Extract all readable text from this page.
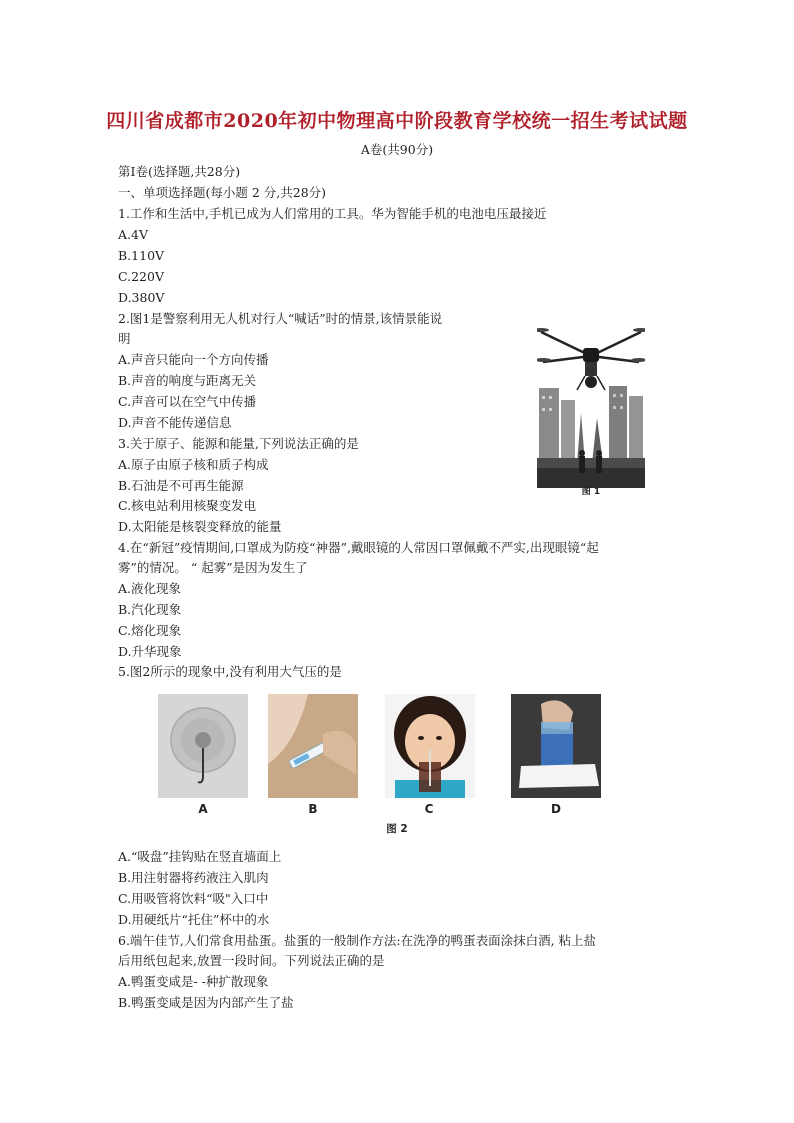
四川省成都市2020年初中物理高中阶段教育学校统一招生考试试题
A卷(共90分)
第Ⅰ卷(选择题,共28分)
一、单项选择题(每小题 2 分,共28分)
1.工作和生活中,手机已成为人们常用的工具。华为智能手机的电池电压最接近
A.4V
B.110V
C.220V
D.380V
2.图1是警察利用无人机对行人“喊话”时的情景,该情景能说
明
A.声音只能向一个方向传播
B.声音的响度与距离无关
C.声音可以在空气中传播
D.声音不能传递信息
图 1
3.关于原子、能源和能量,下列说法正确的是
A.原子由原子核和质子构成
B.石油是不可再生能源
C.核电站利用核聚变发电
D.太阳能是核裂变释放的能量
4.在“新冠”疫情期间,口罩成为防疫“神器”,戴眼镜的人常因口罩佩戴不严实,出现眼镜“起
雾”的情况。 “ 起雾”是因为发生了
A.液化现象
B.汽化现象
C.熔化现象
D.升华现象
5.图2所示的现象中,没有利用大气压的是
A	B	C	D
图 2
A.“吸盘”挂钩贴在竖直墙面上
B.用注射器将药液注入肌肉
C.用吸管将饮料“吸"入口中
D.用硬纸片“托住”杯中的水
6.端午佳节,人们常食用盐蛋。盐蛋的一般制作方法:在洗净的鸭蛋表面涂抹白酒, 粘上盐
后用纸包起来,放置一段时间。下列说法正确的是
A.鸭蛋变咸是- -种扩散现象
B.鸭蛋变咸是因为内部产生了盐
